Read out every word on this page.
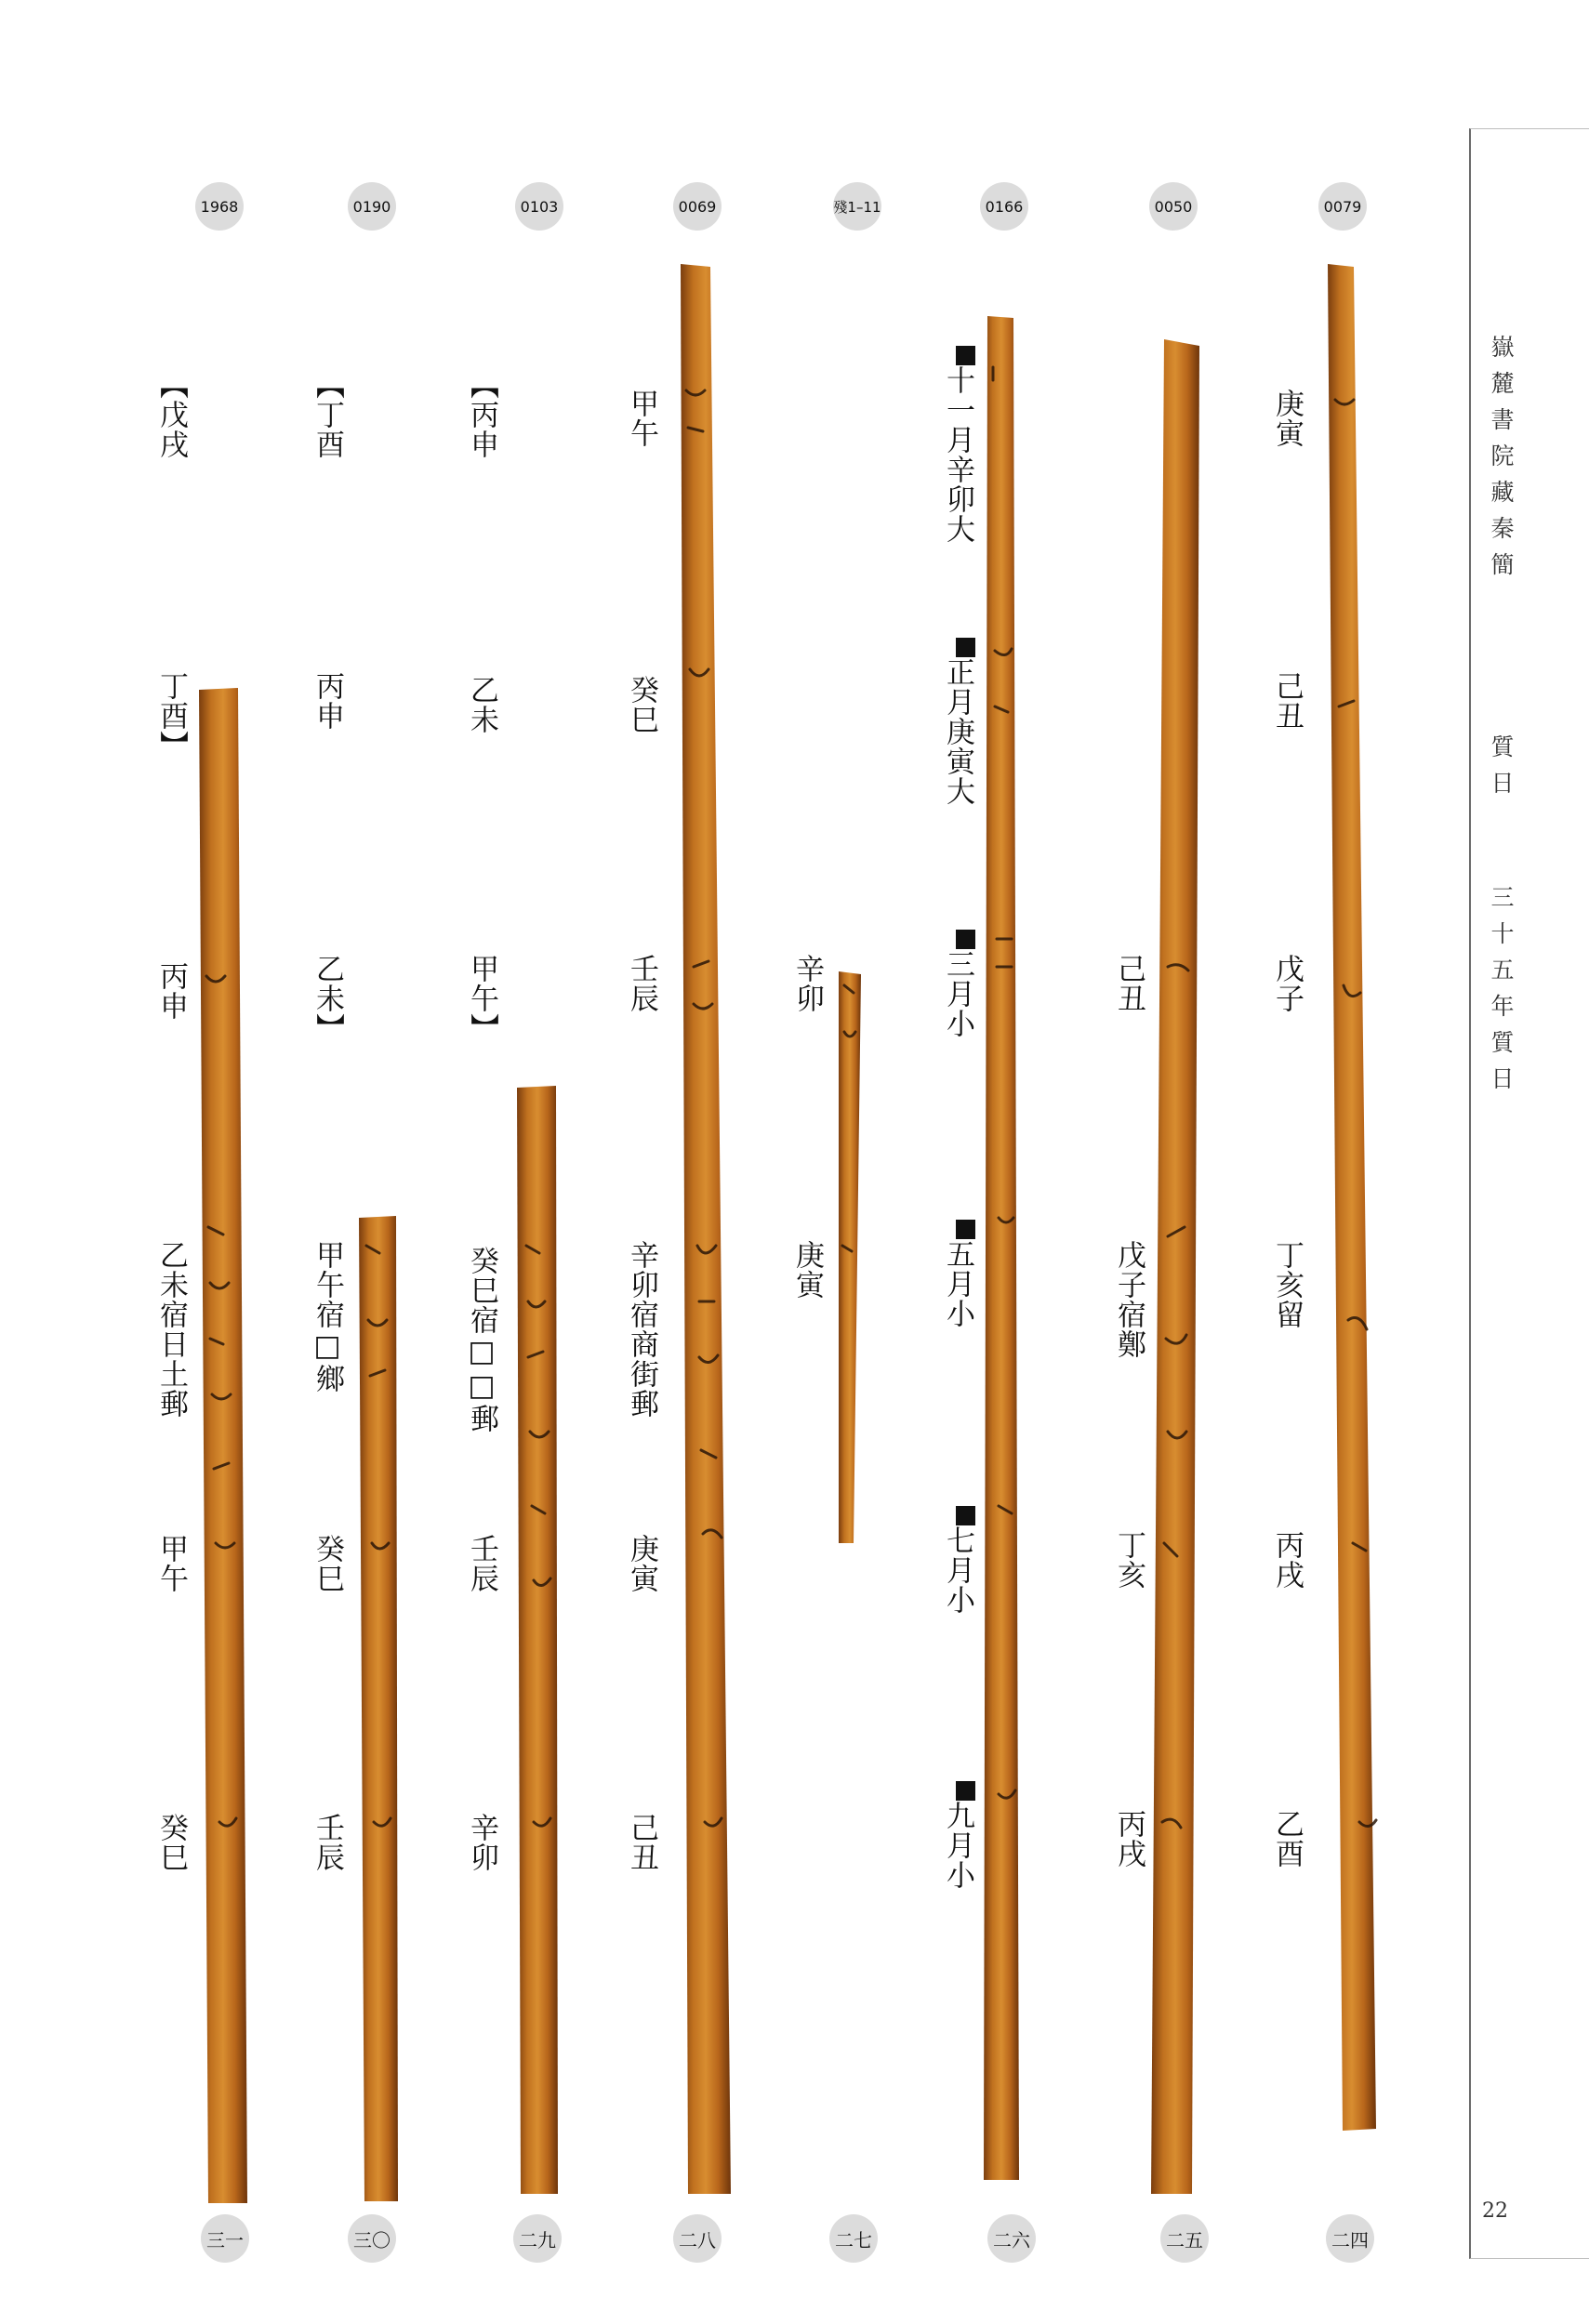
嶽麓書院藏秦簡
質日
三十五年質日
22
0079
二四
庚寅
己丑
戊子
丁亥留
丙戌
乙酉
0050
二五
己丑
戊子宿鄭
丁亥
丙戌
0166
二六
十一月辛卯大
正月庚寅大
三月小
五月小
七月小
九月小
殘1–11
二七
辛卯
庚寅
0069
二八
甲午
癸巳
壬辰
辛卯宿商街郵
庚寅
己丑
0103
二九
【丙申
乙未
甲午】
癸巳宿□□郵
壬辰
辛卯
0190
三〇
【丁酉
丙申
乙未】
甲午宿□鄉
癸巳
壬辰
1968
三一
【戊戌
丁酉】
丙申
乙未宿日土郵
甲午
癸巳
